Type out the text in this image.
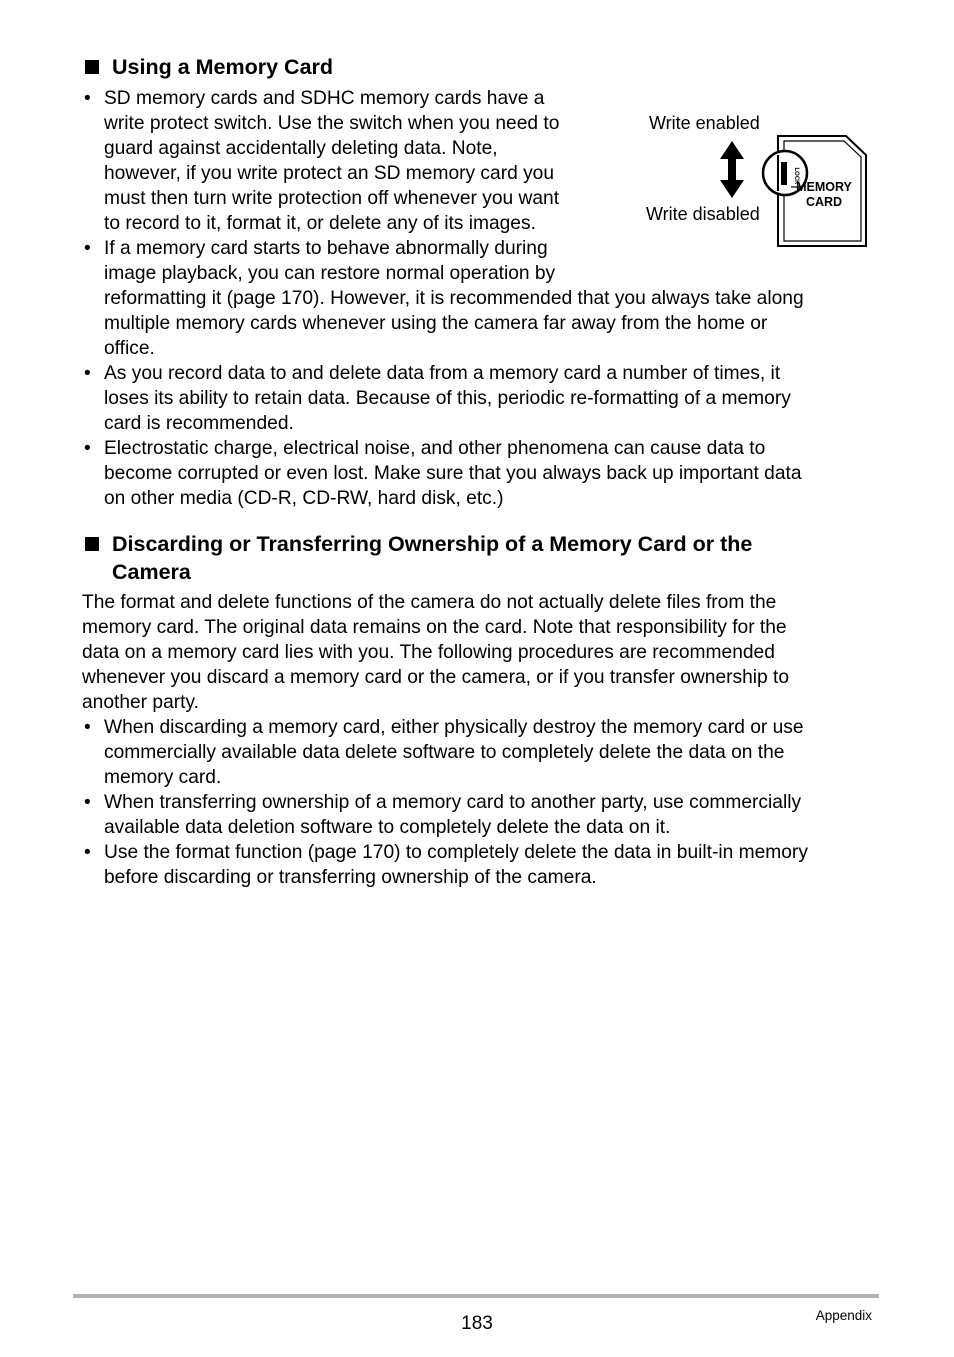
Using a Memory Card
• SD memory cards and SDHC memory cards have a
write protect switch. Use the switch when you need to
guard against accidentally deleting data. Note,
however, if you write protect an SD memory card you
must then turn write protection off whenever you want
to record to it, format it, or delete any of its images.
• If a memory card starts to behave abnormally during
image playback, you can restore normal operation by
reformatting it (page 170). However, it is recommended that you always take along
multiple memory cards whenever using the camera far away from the home or
office.
• As you record data to and delete data from a memory card a number of times, it
loses its ability to retain data. Because of this, periodic re-formatting of a memory
card is recommended.
• Electrostatic charge, electrical noise, and other phenomena can cause data to
become corrupted or even lost. Make sure that you always back up important data
on other media (CD-R, CD-RW, hard disk, etc.)
Write enabled
Write disabled
LOCK
MEMORY
CARD
Discarding or Transferring Ownership of a Memory Card or the
Camera

The format and delete functions of the camera do not actually delete files from the
memory card. The original data remains on the card. Note that responsibility for the
data on a memory card lies with you. The following procedures are recommended
whenever you discard a memory card or the camera, or if you transfer ownership to
another party.

• When discarding a memory card, either physically destroy the memory card or use
commercially available data delete software to completely delete the data on the
memory card.
• When transferring ownership of a memory card to another party, use commercially
available data deletion software to completely delete the data on it.
• Use the format function (page 170) to completely delete the data in built-in memory
before discarding or transferring ownership of the camera.
183	Appendix
